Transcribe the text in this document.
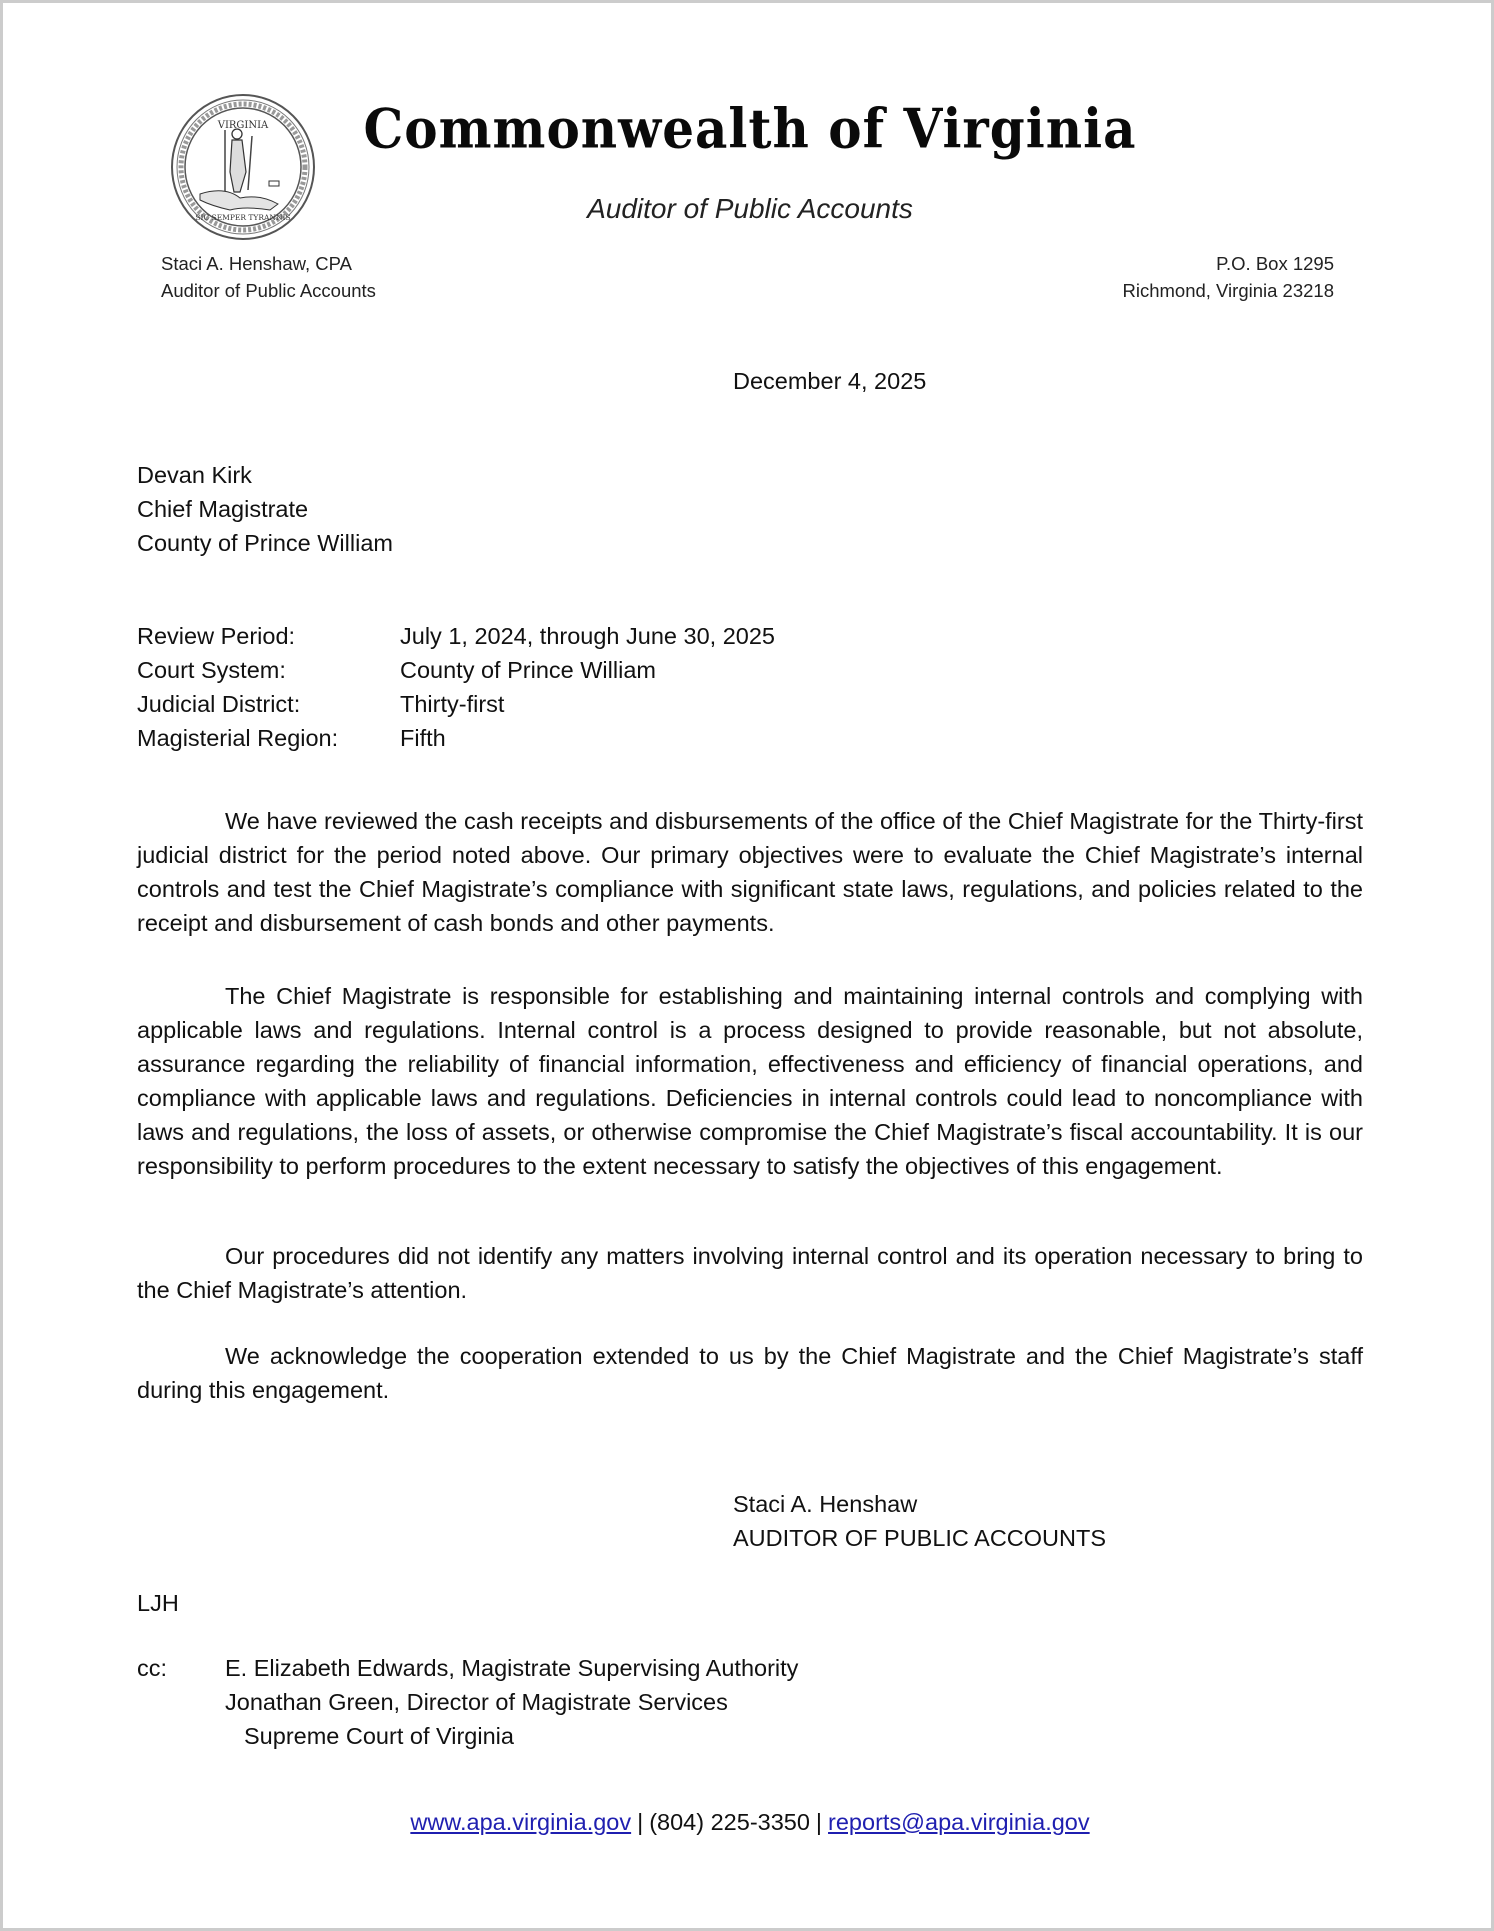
VIRGINIA
SIC SEMPER TYRANNIS
Commonwealth of Virginia
Auditor of Public Accounts
Staci A. Henshaw, CPA
Auditor of Public Accounts
P.O. Box 1295
Richmond, Virginia 23218
December 4, 2025
Devan Kirk
Chief Magistrate
County of Prince William
Review Period:	July 1, 2024, through June 30, 2025
Court System:	County of Prince William
Judicial District:	Thirty-first
Magisterial Region:	Fifth

We have reviewed the cash receipts and disbursements of the office of the Chief Magistrate for the Thirty-first judicial district for the period noted above. Our primary objectives were to evaluate the Chief Magistrate’s internal controls and test the Chief Magistrate’s compliance with significant state laws, regulations, and policies related to the receipt and disbursement of cash bonds and other payments.

The Chief Magistrate is responsible for establishing and maintaining internal controls and complying with applicable laws and regulations. Internal control is a process designed to provide reasonable, but not absolute, assurance regarding the reliability of financial information, effectiveness and efficiency of financial operations, and compliance with applicable laws and regulations. Deficiencies in internal controls could lead to noncompliance with laws and regulations, the loss of assets, or otherwise compromise the Chief Magistrate’s fiscal accountability. It is our responsibility to perform procedures to the extent necessary to satisfy the objectives of this engagement.

Our procedures did not identify any matters involving internal control and its operation necessary to bring to the Chief Magistrate’s attention.

We acknowledge the cooperation extended to us by the Chief Magistrate and the Chief Magistrate’s staff during this engagement.

Staci A. Henshaw
AUDITOR OF PUBLIC ACCOUNTS
LJH
cc:	E. Elizabeth Edwards, Magistrate Supervising Authority
Jonathan Green, Director of Magistrate Services
Supreme Court of Virginia
www.apa.virginia.gov | (804) 225-3350 | reports@apa.virginia.gov
